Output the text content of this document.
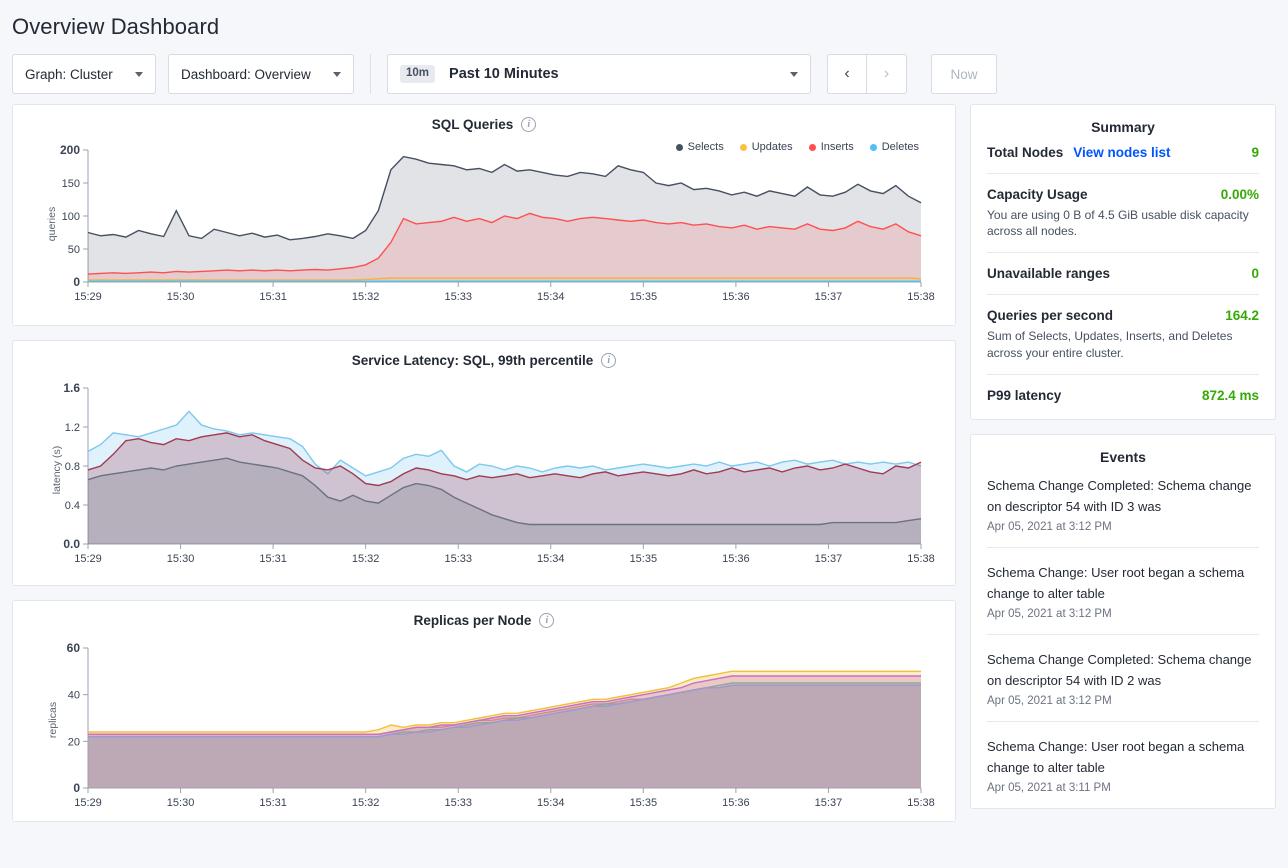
Overview Dashboard
Graph: Cluster	Dashboard: Overview	10m	Past 10 Minutes	‹ ›	Now
SQL Queries	i
Selects	Updates	Inserts	Deletes
queries
0
50
100
150
200
15:29	15:30	15:31	15:32	15:33	15:34	15:35	15:36	15:37	15:38
Service Latency: SQL, 99th percentile	i
latency (s)
0.0
0.4
0.8
1.2
1.6
15:29	15:30	15:31	15:32	15:33	15:34	15:35	15:36	15:37	15:38
Replicas per Node	i
replicas
0
20
40
60
15:29	15:30	15:31	15:32	15:33	15:34	15:35	15:36	15:37	15:38
Summary
Total Nodes View nodes list	9
Capacity Usage	0.00%
You are using 0 B of 4.5 GiB usable disk capacity across all nodes.
Unavailable ranges	0
Queries per second	164.2
Sum of Selects, Updates, Inserts, and Deletes across your entire cluster.
P99 latency	872.4 ms
Events
Schema Change Completed: Schema change on descriptor 54 with ID 3 was
Apr 05, 2021 at 3:12 PM
Schema Change: User root began a schema change to alter table
Apr 05, 2021 at 3:12 PM
Schema Change Completed: Schema change on descriptor 54 with ID 2 was
Apr 05, 2021 at 3:12 PM
Schema Change: User root began a schema change to alter table
Apr 05, 2021 at 3:11 PM
